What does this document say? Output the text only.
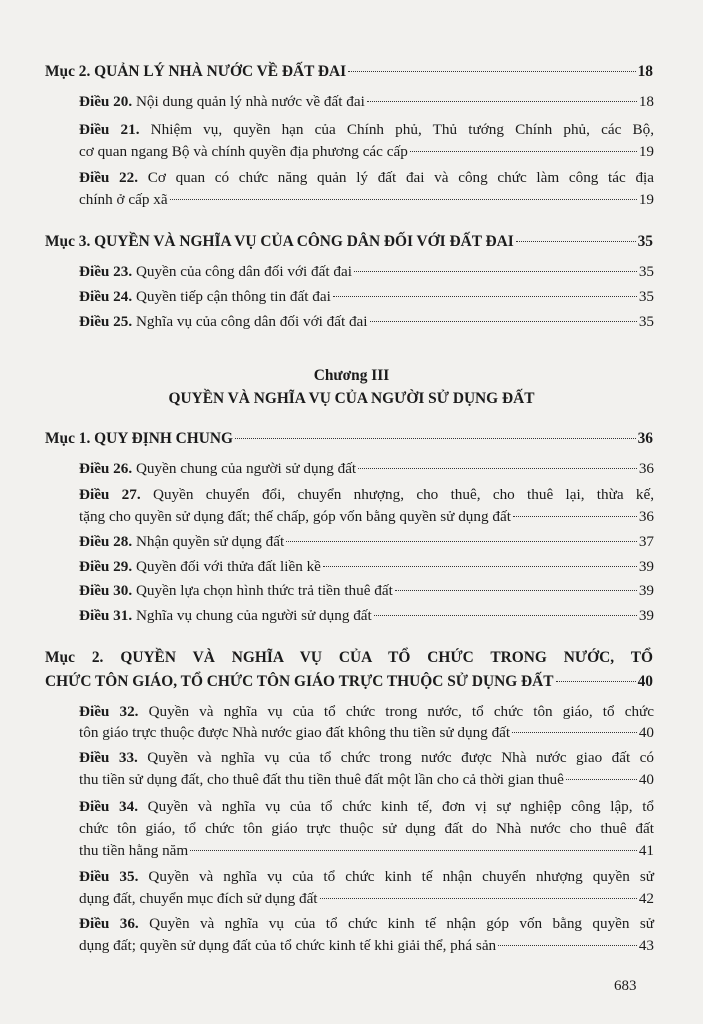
Mục 2. QUẢN LÝ NHÀ NƯỚC VỀ ĐẤT ĐAI	18
Điều 20. Nội dung quản lý nhà nước về đất đai	18
Điều 21. Nhiệm vụ, quyền hạn của Chính phủ, Thủ tướng Chính phủ, các Bộ,
cơ quan ngang Bộ và chính quyền địa phương các cấp	19
Điều 22. Cơ quan có chức năng quản lý đất đai và công chức làm công tác địa
chính ở cấp xã	19
Mục 3. QUYỀN VÀ NGHĨA VỤ CỦA CÔNG DÂN ĐỐI VỚI ĐẤT ĐAI	35
Điều 23. Quyền của công dân đối với đất đai	35
Điều 24. Quyền tiếp cận thông tin đất đai	35
Điều 25. Nghĩa vụ của công dân đối với đất đai	35
Chương III
QUYỀN VÀ NGHĨA VỤ CỦA NGƯỜI SỬ DỤNG ĐẤT
Mục 1. QUY ĐỊNH CHUNG	36
Điều 26. Quyền chung của người sử dụng đất	36
Điều 27. Quyền chuyển đổi, chuyển nhượng, cho thuê, cho thuê lại, thừa kế,
tặng cho quyền sử dụng đất; thế chấp, góp vốn bằng quyền sử dụng đất	36
Điều 28. Nhận quyền sử dụng đất	37
Điều 29. Quyền đối với thửa đất liền kề	39
Điều 30. Quyền lựa chọn hình thức trả tiền thuê đất	39
Điều 31. Nghĩa vụ chung của người sử dụng đất	39
Mục 2. QUYỀN VÀ NGHĨA VỤ CỦA TỔ CHỨC TRONG NƯỚC, TỔ
CHỨC TÔN GIÁO, TỔ CHỨC TÔN GIÁO TRỰC THUỘC SỬ DỤNG ĐẤT	40
Điều 32. Quyền và nghĩa vụ của tổ chức trong nước, tổ chức tôn giáo, tổ chức
tôn giáo trực thuộc được Nhà nước giao đất không thu tiền sử dụng đất	40
Điều 33. Quyền và nghĩa vụ của tổ chức trong nước được Nhà nước giao đất có
thu tiền sử dụng đất, cho thuê đất thu tiền thuê đất một lần cho cả thời gian thuê	40
Điều 34. Quyền và nghĩa vụ của tổ chức kinh tế, đơn vị sự nghiệp công lập, tổ
chức tôn giáo, tổ chức tôn giáo trực thuộc sử dụng đất do Nhà nước cho thuê đất
thu tiền hằng năm	41
Điều 35. Quyền và nghĩa vụ của tổ chức kinh tế nhận chuyển nhượng quyền sử
dụng đất, chuyển mục đích sử dụng đất	42
Điều 36. Quyền và nghĩa vụ của tổ chức kinh tế nhận góp vốn bằng quyền sử
dụng đất; quyền sử dụng đất của tổ chức kinh tế khi giải thể, phá sản	43
683
